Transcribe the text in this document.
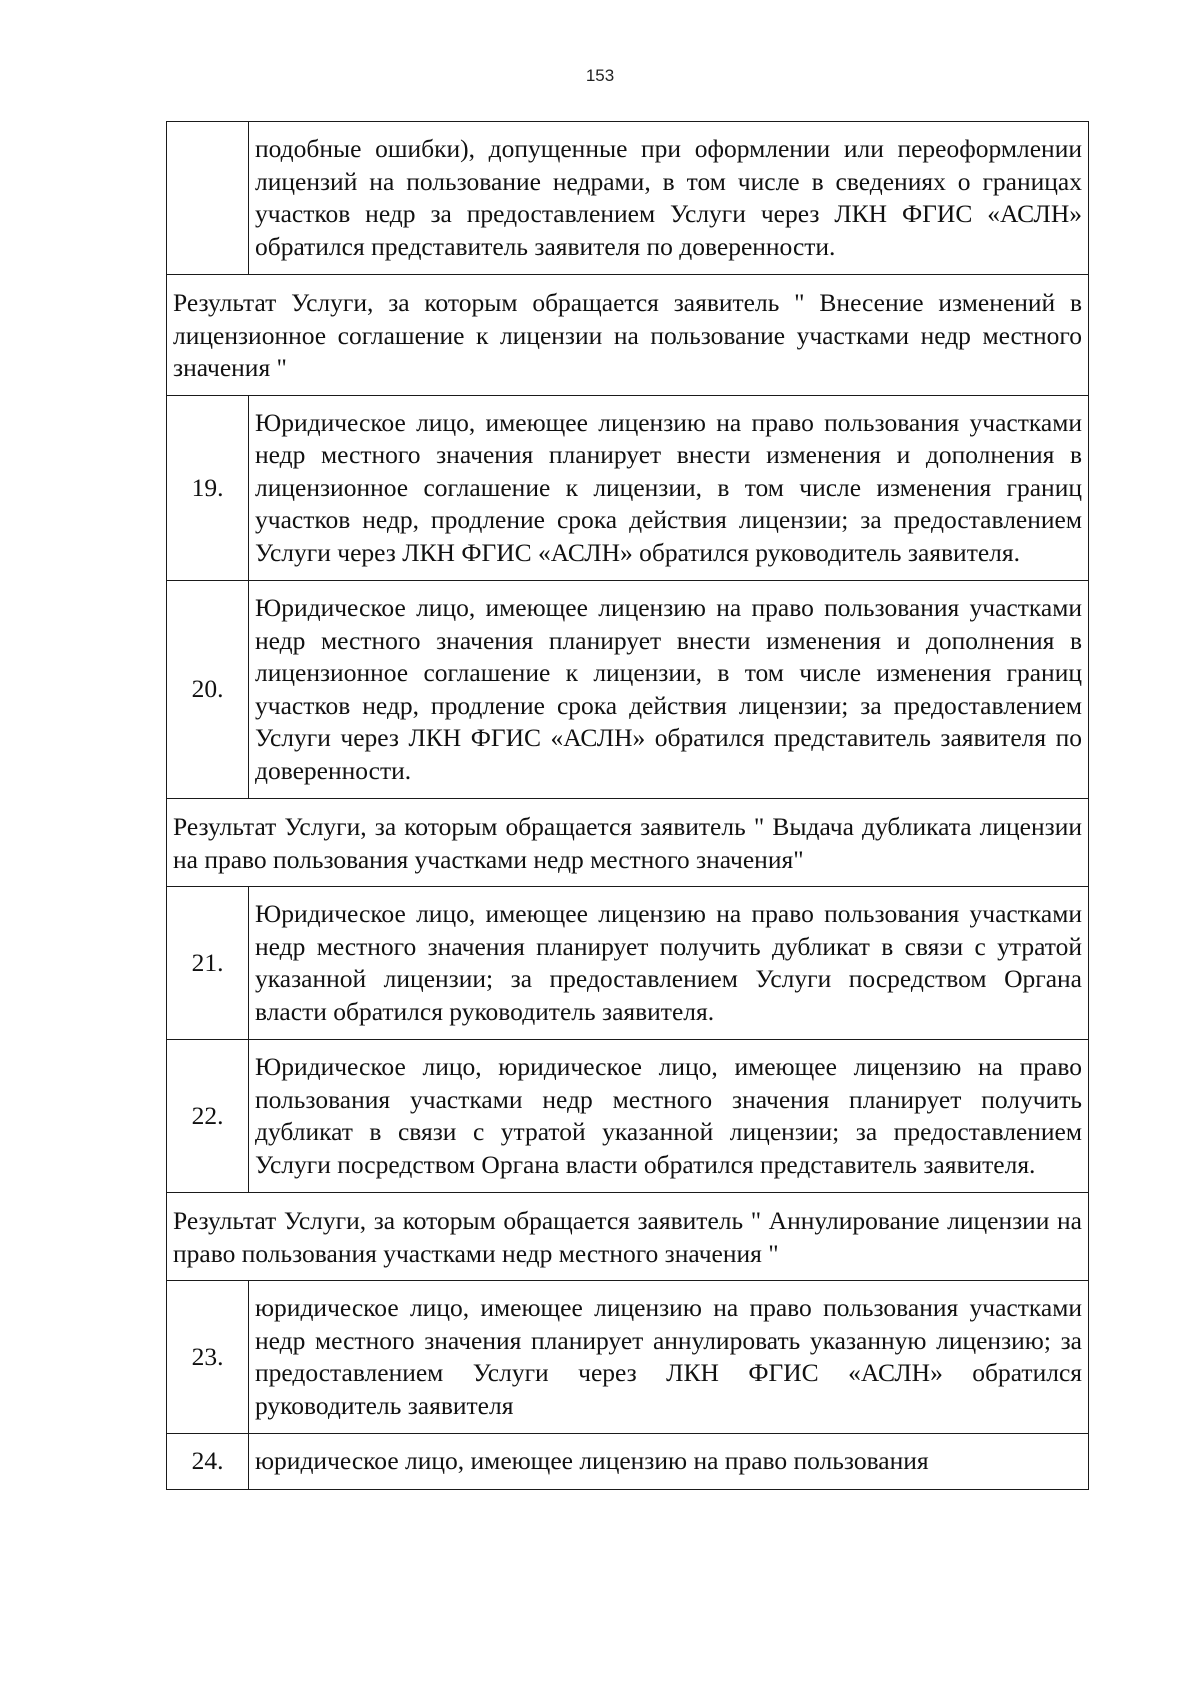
153
	подобные ошибки), допущенные при оформлении или переоформлении лицензий на пользование недрами, в том числе в сведениях о границах участков недр за предоставлением Услуги через ЛКН ФГИС «АСЛН» обратился представитель заявителя по доверенности.
Результат Услуги, за которым обращается заявитель " Внесение изменений в лицензионное соглашение к лицензии на пользование участками недр местного значения "	
19.	Юридическое лицо, имеющее лицензию на право пользования участками недр местного значения планирует внести изменения и дополнения в лицензионное соглашение к лицензии, в том числе изменения границ участков недр, продление срока действия лицензии; за предоставлением Услуги через ЛКН ФГИС «АСЛН» обратился руководитель заявителя.
20.	Юридическое лицо, имеющее лицензию на право пользования участками недр местного значения планирует внести изменения и дополнения в лицензионное соглашение к лицензии, в том числе изменения границ участков недр, продление срока действия лицензии; за предоставлением Услуги через ЛКН ФГИС «АСЛН» обратился представитель заявителя по доверенности.
Результат Услуги, за которым обращается заявитель " Выдача дубликата лицензии на право пользования участками недр местного значения"	
21.	Юридическое лицо, имеющее лицензию на право пользования участками недр местного значения планирует получить дубликат в связи с утратой указанной лицензии; за предоставлением Услуги посредством Органа власти обратился руководитель заявителя.
22.	Юридическое лицо, юридическое лицо, имеющее лицензию на право пользования участками недр местного значения планирует получить дубликат в связи с утратой указанной лицензии; за предоставлением Услуги посредством Органа власти обратился представитель заявителя.
Результат Услуги, за которым обращается заявитель " Аннулирование лицензии на право пользования участками недр местного значения "	
23.	юридическое лицо, имеющее лицензию на право пользования участками недр местного значения планирует аннулировать указанную лицензию; за предоставлением Услуги через ЛКН ФГИС «АСЛН» обратился руководитель заявителя
24.	юридическое лицо, имеющее лицензию на право пользования
